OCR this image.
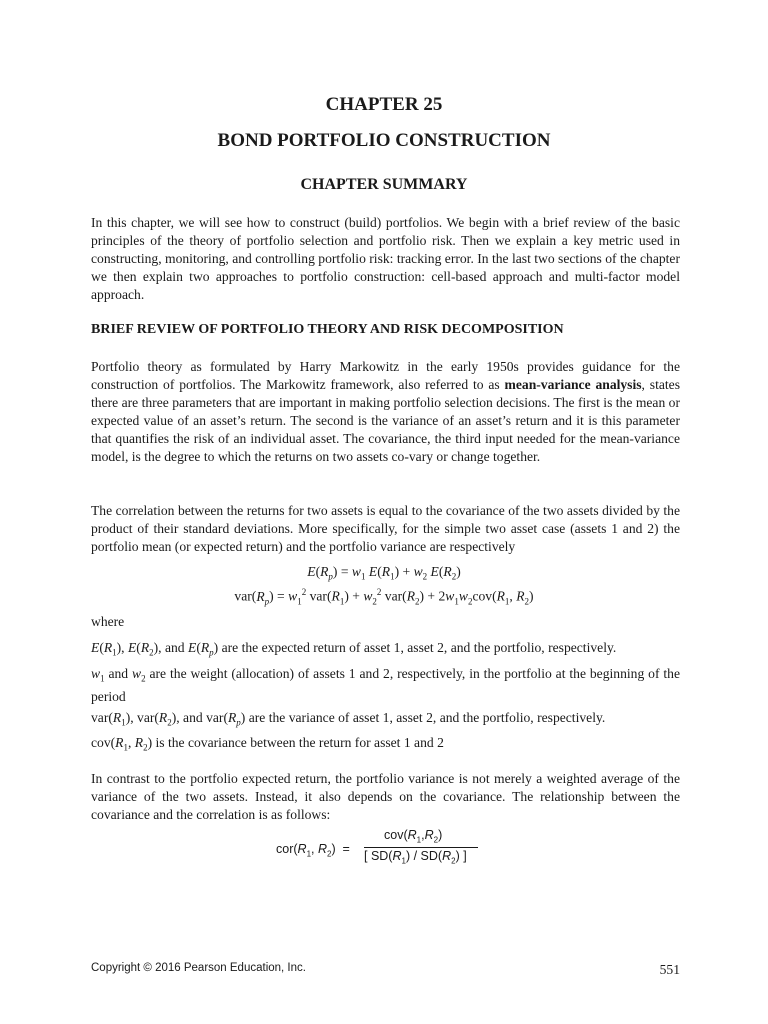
CHAPTER 25
BOND PORTFOLIO CONSTRUCTION
CHAPTER SUMMARY
In this chapter, we will see how to construct (build) portfolios. We begin with a brief review of the basic principles of the theory of portfolio selection and portfolio risk. Then we explain a key metric used in constructing, monitoring, and controlling portfolio risk: tracking error. In the last two sections of the chapter we then explain two approaches to portfolio construction: cell-based approach and multi-factor model approach.
BRIEF REVIEW OF PORTFOLIO THEORY AND RISK DECOMPOSITION
Portfolio theory as formulated by Harry Markowitz in the early 1950s provides guidance for the construction of portfolios. The Markowitz framework, also referred to as mean-variance analysis, states there are three parameters that are important in making portfolio selection decisions. The first is the mean or expected value of an asset’s return. The second is the variance of an asset’s return and it is this parameter that quantifies the risk of an individual asset. The covariance, the third input needed for the mean-variance model, is the degree to which the returns on two assets co-vary or change together.
The correlation between the returns for two assets is equal to the covariance of the two assets divided by the product of their standard deviations. More specifically, for the simple two asset case (assets 1 and 2) the portfolio mean (or expected return) and the portfolio variance are respectively
$E(R_p) = w_1$ $E(R_1) + w_2$ $E(R_2)$
$var(R_p) = w_1^2$ $var(R_1) + w_2^2$ $var(R_2) + 2w_1w_2cov(R_1$, $R_2$)
where
$E(R_1)$, $E(R_2)$, and $E(R_p)$ are the expected return of asset 1, asset 2, and the portfolio, respectively.
$w_1$ and $w_2$ are the weight (allocation) of assets 1 and 2, respectively, in the portfolio at the beginning of the period
$var(R_1)$, $var(R_2)$, and $var(R_p)$ are the variance of asset 1, asset 2, and the portfolio, respectively.
$cov(R_1$, $R_2$) is the covariance between the return for asset 1 and 2
In contrast to the portfolio expected return, the portfolio variance is not merely a weighted average of the variance of the two assets. Instead, it also depends on the covariance. The relationship between the covariance and the correlation is as follows:
$cor(R_1$, $R_2$)  =
$cov(R_1,R_2)$
[ $SD(R_1) / SD(R_2)$ ]
Copyright © 2016 Pearson Education, Inc.	551
